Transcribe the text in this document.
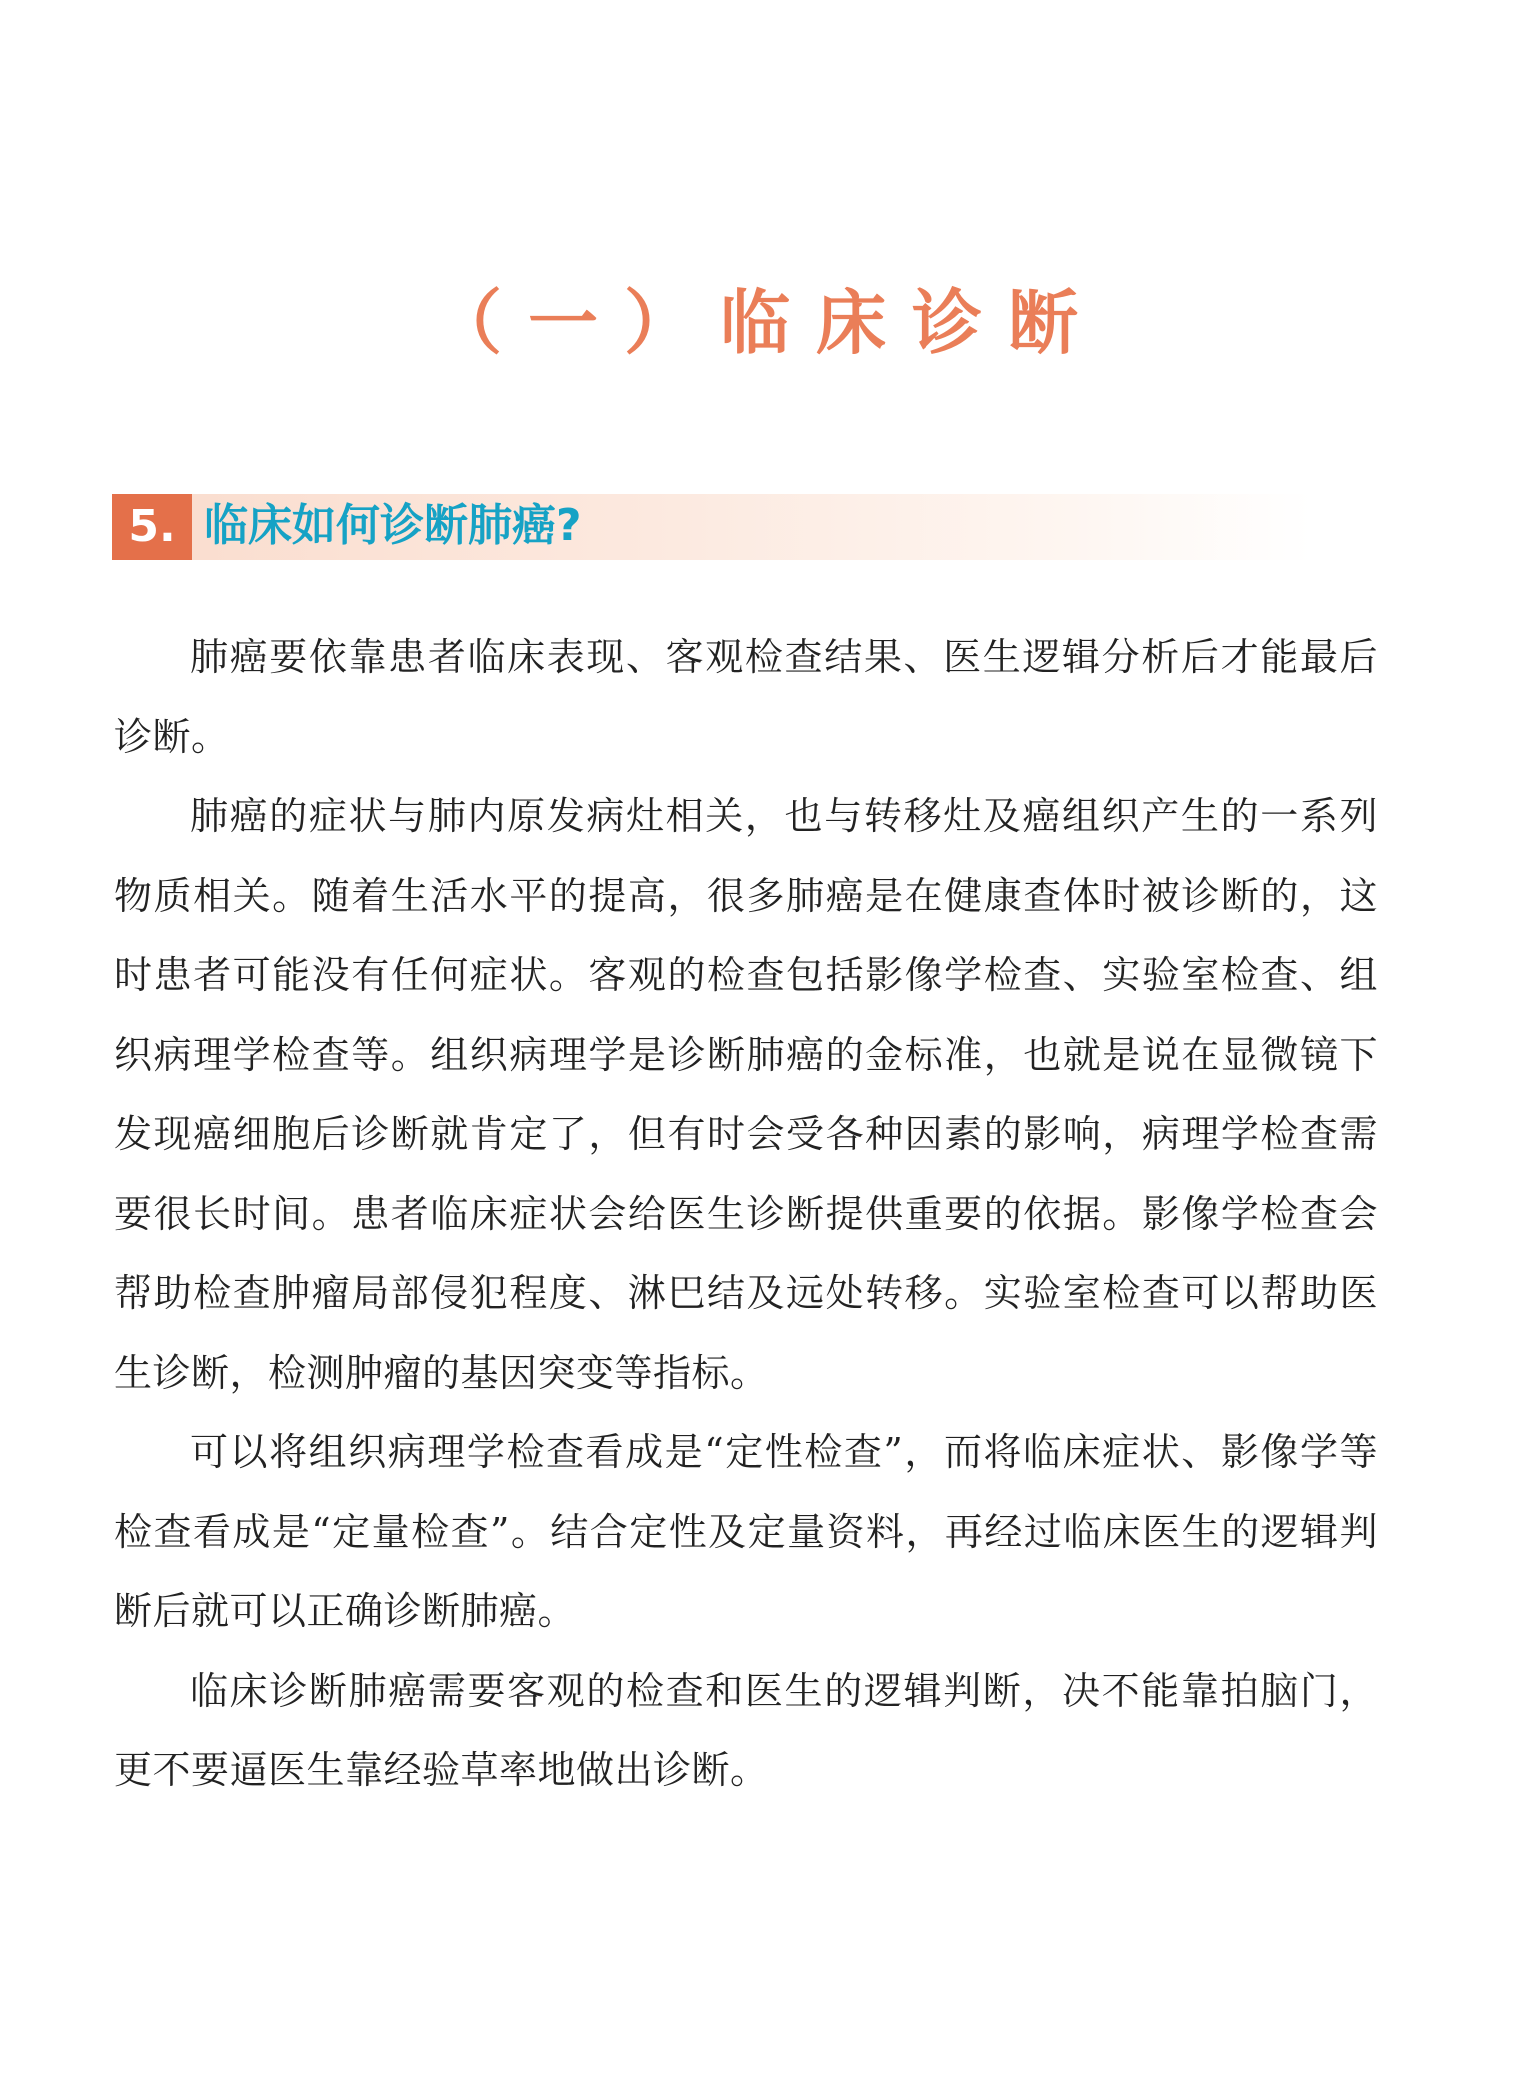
（一）临床诊断
5. 临床如何诊断肺癌?

肺癌要依靠患者临床表现、客观检查结果、医生逻辑分析后才能最后诊断。

肺癌的症状与肺内原发病灶相关，也与转移灶及癌组织产生的一系列物质相关。随着生活水平的提高，很多肺癌是在健康查体时被诊断的，这时患者可能没有任何症状。客观的检查包括影像学检查、实验室检查、组织病理学检查等。组织病理学是诊断肺癌的金标准，也就是说在显微镜下发现癌细胞后诊断就肯定了，但有时会受各种因素的影响，病理学检查需要很长时间。患者临床症状会给医生诊断提供重要的依据。影像学检查会帮助检查肿瘤局部侵犯程度、淋巴结及远处转移。实验室检查可以帮助医生诊断，检测肿瘤的基因突变等指标。

可以将组织病理学检查看成是“定性检查”，而将临床症状、影像学等检查看成是“定量检查”。结合定性及定量资料，再经过临床医生的逻辑判断后就可以正确诊断肺癌。

临床诊断肺癌需要客观的检查和医生的逻辑判断，决不能靠拍脑门，更不要逼医生靠经验草率地做出诊断。
